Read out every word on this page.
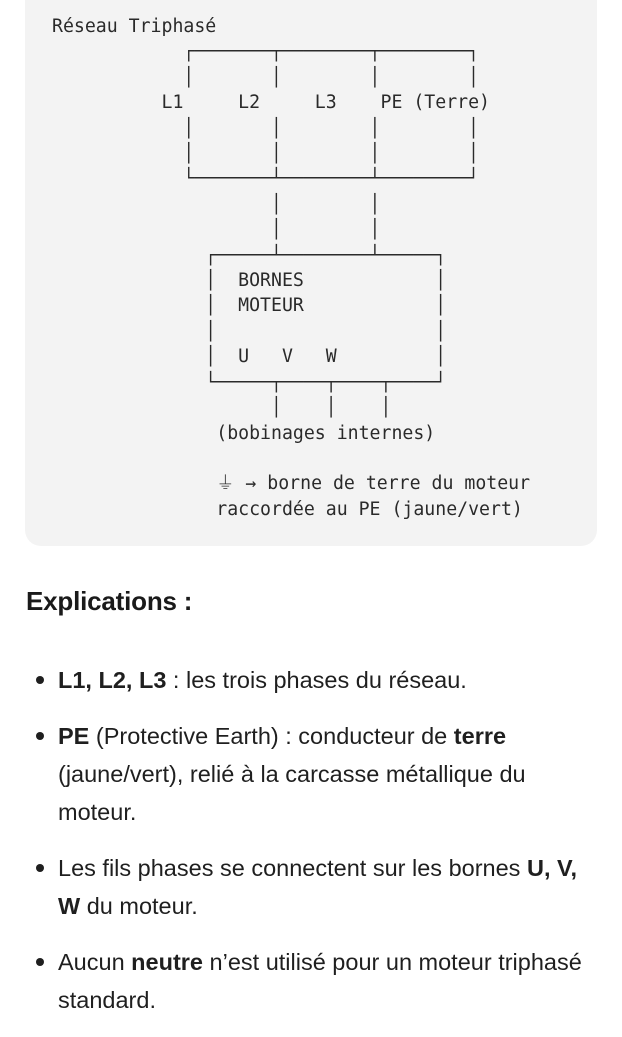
Réseau Triphasé
┌───────┬────────┬────────┐
│       │        │        │
L1     L2     L3    PE (Terre)
│       │        │        │
│       │        │        │
└───────┴────────┴────────┘
│        │
│        │
┌─────┴────────┴─────┐
│  BORNES            │
│  MOTEUR            │
│                    │
│  U   V   W         │
└─────┬────┬────┬────┘
│    │    │
(bobinages internes)

⏚ → borne de terre du moteur
raccordée au PE (jaune/vert)
Explications :
L1, L2, L3 : les trois phases du réseau.
PE (Protective Earth) : conducteur de terre (jaune/vert), relié à la carcasse métallique du moteur.
Les fils phases se connectent sur les bornes U, V, W du moteur.
Aucun neutre n’est utilisé pour un moteur triphasé standard.
